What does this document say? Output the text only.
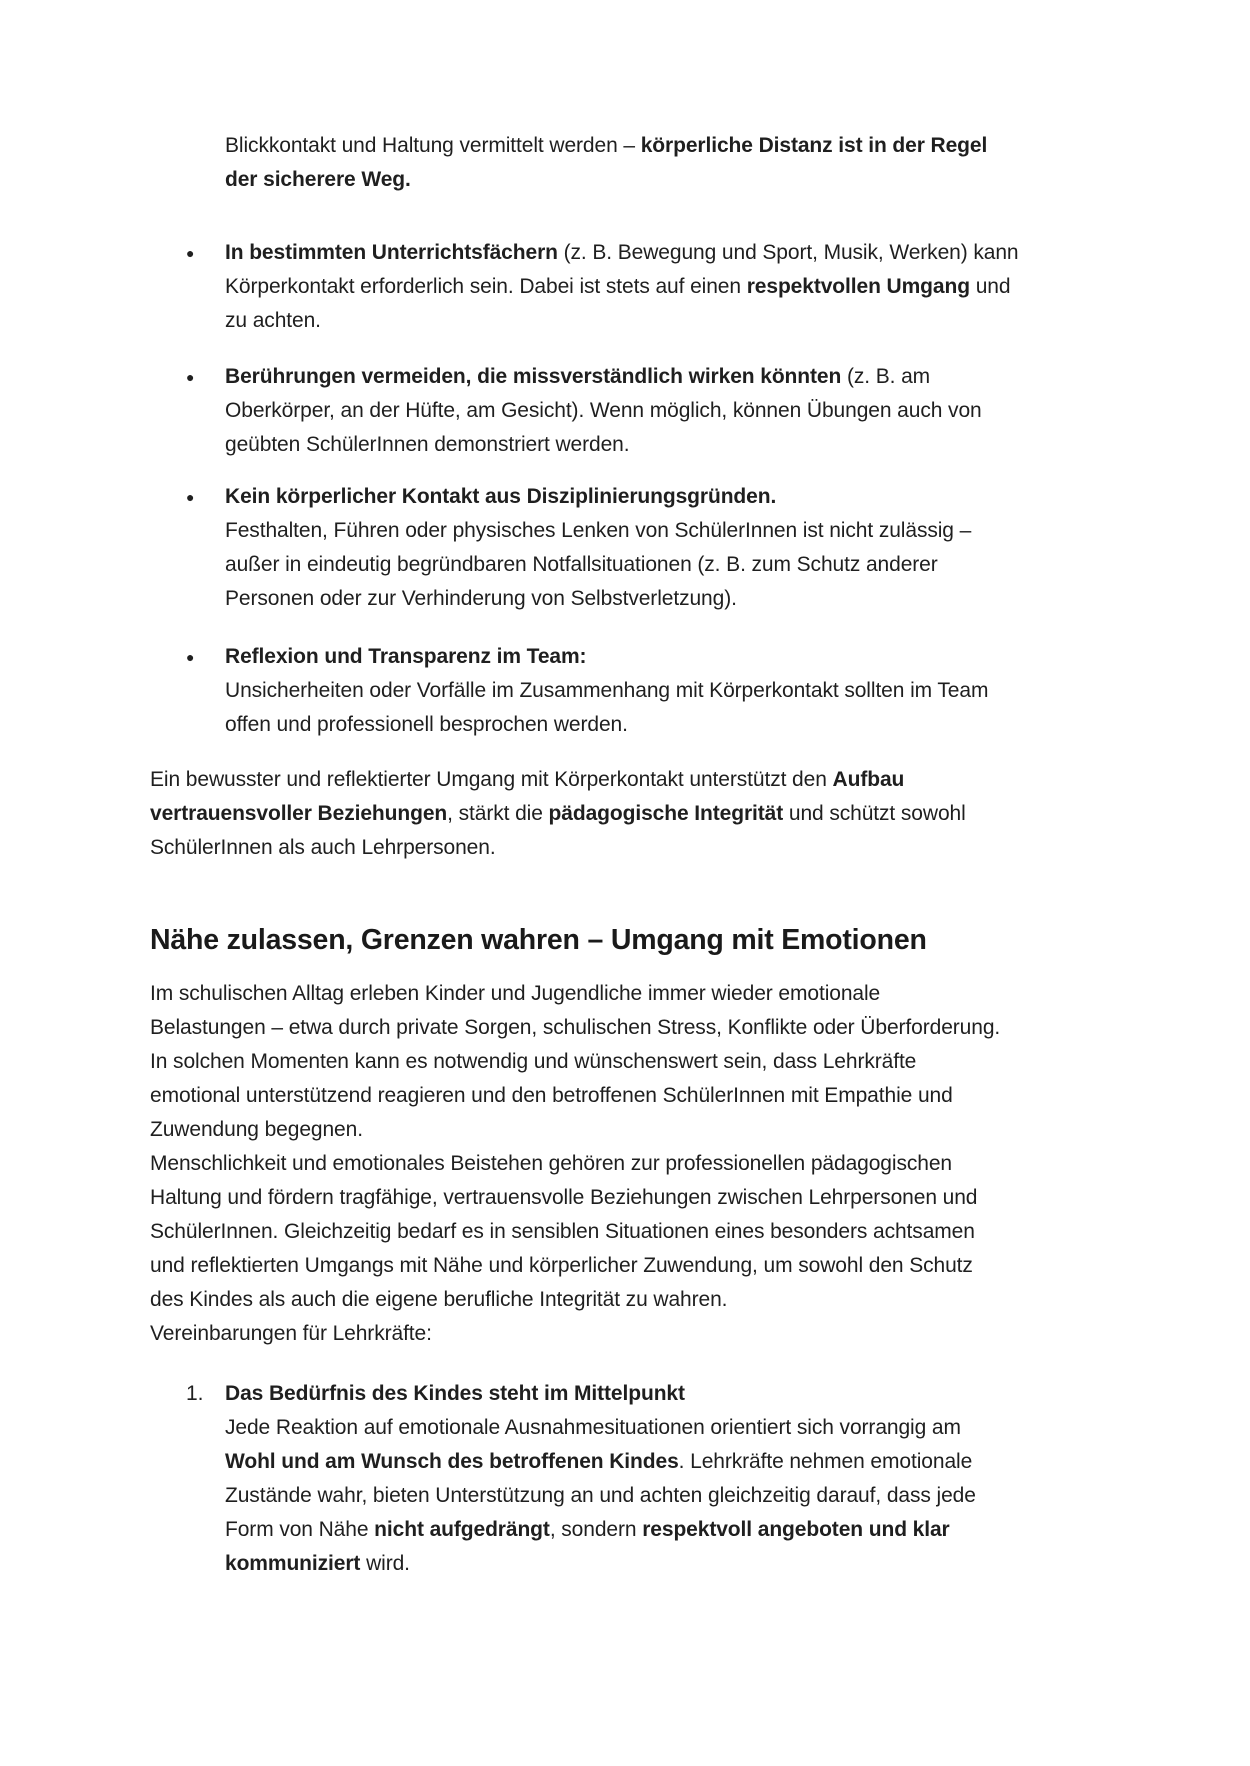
Blickkontakt und Haltung vermittelt werden – körperliche Distanz ist in der Regel
der sicherere Weg.
● In bestimmten Unterrichtsfächern (z. B. Bewegung und Sport, Musik, Werken) kann
Körperkontakt erforderlich sein. Dabei ist stets auf einen respektvollen Umgang und
zu achten.
● Berührungen vermeiden, die missverständlich wirken könnten (z. B. am
Oberkörper, an der Hüfte, am Gesicht). Wenn möglich, können Übungen auch von
geübten SchülerInnen demonstriert werden.
● Kein körperlicher Kontakt aus Disziplinierungsgründen.
Festhalten, Führen oder physisches Lenken von SchülerInnen ist nicht zulässig –
außer in eindeutig begründbaren Notfallsituationen (z. B. zum Schutz anderer
Personen oder zur Verhinderung von Selbstverletzung).
● Reflexion und Transparenz im Team:
Unsicherheiten oder Vorfälle im Zusammenhang mit Körperkontakt sollten im Team
offen und professionell besprochen werden.
Ein bewusster und reflektierter Umgang mit Körperkontakt unterstützt den Aufbau
vertrauensvoller Beziehungen, stärkt die pädagogische Integrität und schützt sowohl
SchülerInnen als auch Lehrpersonen.
Nähe zulassen, Grenzen wahren – Umgang mit Emotionen
Im schulischen Alltag erleben Kinder und Jugendliche immer wieder emotionale
Belastungen – etwa durch private Sorgen, schulischen Stress, Konflikte oder Überforderung.
In solchen Momenten kann es notwendig und wünschenswert sein, dass Lehrkräfte
emotional unterstützend reagieren und den betroffenen SchülerInnen mit Empathie und
Zuwendung begegnen.
Menschlichkeit und emotionales Beistehen gehören zur professionellen pädagogischen
Haltung und fördern tragfähige, vertrauensvolle Beziehungen zwischen Lehrpersonen und
SchülerInnen. Gleichzeitig bedarf es in sensiblen Situationen eines besonders achtsamen
und reflektierten Umgangs mit Nähe und körperlicher Zuwendung, um sowohl den Schutz
des Kindes als auch die eigene berufliche Integrität zu wahren.
Vereinbarungen für Lehrkräfte:
1. Das Bedürfnis des Kindes steht im Mittelpunkt
Jede Reaktion auf emotionale Ausnahmesituationen orientiert sich vorrangig am
Wohl und am Wunsch des betroffenen Kindes. Lehrkräfte nehmen emotionale
Zustände wahr, bieten Unterstützung an und achten gleichzeitig darauf, dass jede
Form von Nähe nicht aufgedrängt, sondern respektvoll angeboten und klar
kommuniziert wird.
